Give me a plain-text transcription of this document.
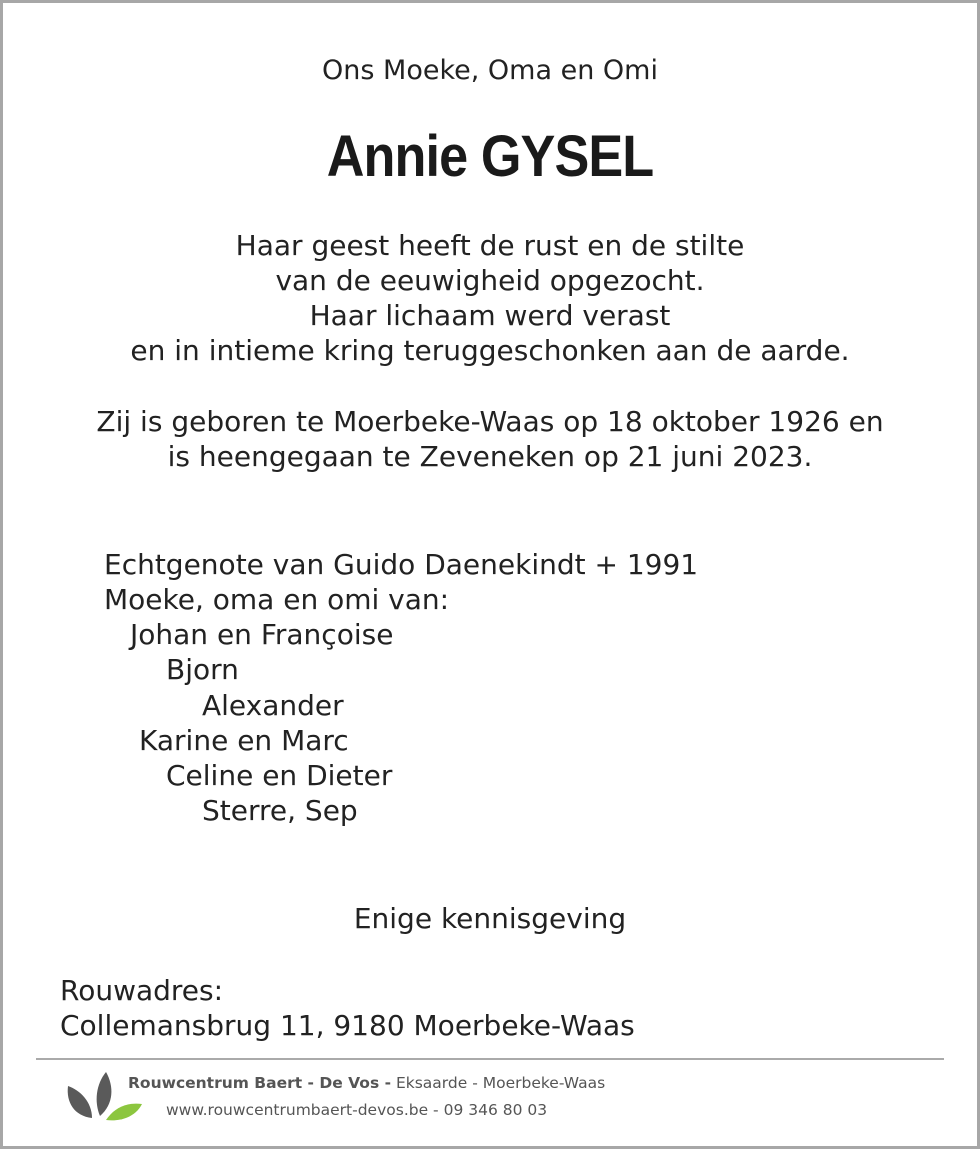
Ons Moeke, Oma en Omi
Annie GYSEL
Haar geest heeft de rust en de stilte
van de eeuwigheid opgezocht.
Haar lichaam werd verast
en in intieme kring teruggeschonken aan de aarde.
Zij is geboren te Moerbeke-Waas op 18 oktober 1926 en
is heengegaan te Zeveneken op 21 juni 2023.
Echtgenote van Guido Daenekindt + 1991
Moeke, oma en omi van:
Johan en Françoise
Bjorn
Alexander
Karine en Marc
Celine en Dieter
Sterre, Sep
Enige kennisgeving
Rouwadres:
Collemansbrug 11, 9180 Moerbeke-Waas
Rouwcentrum Baert - De Vos - Eksaarde - Moerbeke-Waas
www.rouwcentrumbaert-devos.be - 09 346 80 03
